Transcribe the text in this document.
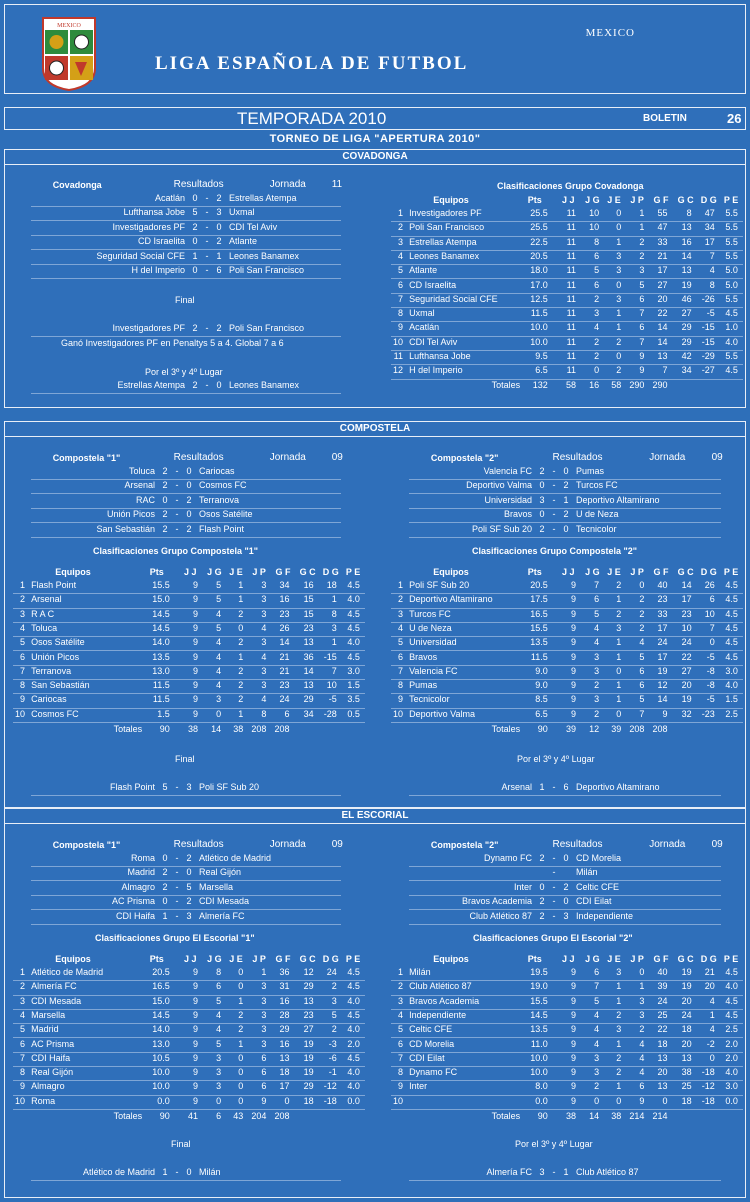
MEXICO
MEXICO
LIGA ESPAÑOLA DE FUTBOL
TEMPORADA 2010	BOLETIN	26
TORNEO DE LIGA "APERTURA 2010"
COVADONGA
Covadonga	Resultados	Jornada	11
Acatlán 0 - 2 Estrellas Atempa
Lufthansa Jobe 5 - 3 Uxmal
Investigadores PF 2 - 0 CDI Tel Aviv
CD Israelita 0 - 2 Atlante
Seguridad Social CFE 1 - 1 Leones Banamex
H del Imperio 0 - 6 Poli San Francisco
Final
Investigadores PF 2 - 2 Poli San Francisco
Ganó Investigadores PF en Penaltys 5 a 4. Global 7 a 6
Por el 3º y 4º Lugar
Estrellas Atempa 2 - 0 Leones Banamex
Clasificaciones Grupo Covadonga
Equipos	Pts J J J G J E J P G F G C D G P E
1 Investigadores PF	25.5 11 10 0 1 55 8 47 5.5
2 Poli San Francisco	25.5 11 10 0 1 47 13 34 5.5
3 Estrellas Atempa	22.5 11 8 1 2 33 16 17 5.5
4 Leones Banamex	20.5 11 6 3 2 21 14 7 5.5
5 Atlante	18.0 11 5 3 3 17 13 4 5.0
6 CD Israelita	17.0 11 6 0 5 27 19 8 5.0
7 Seguridad Social CFE	12.5 11 2 3 6 20 46 -26 5.5
8 Uxmal	11.5 11 3 1 7 22 27 -5 4.5
9 Acatlán	10.0 11 4 1 6 14 29 -15 1.0
10 CDI Tel Aviv	10.0 11 2 2 7 14 29 -15 4.0
11 Lufthansa Jobe	9.5 11 2 0 9 13 42 -29 5.5
12 H del Imperio	6.5 11 0 2 9 7 34 -27 4.5
Totales 132 58 16 58 290 290
COMPOSTELA
Compostela "1"	Resultados	Jornada	09
Toluca 2 - 0 Cariocas
Arsenal 2 - 0 Cosmos FC
RAC 0 - 2 Terranova
Unión Picos 2 - 0 Osos Satélite
San Sebastián 2 - 2 Flash Point
Compostela "2"	Resultados	Jornada	09
Valencia FC 2 - 0 Pumas
Deportivo Valma 0 - 2 Turcos FC
Universidad 3 - 1 Deportivo Altamirano
Bravos 0 - 2 U de Neza
Poli SF Sub 20 2 - 0 Tecnicolor
Clasificaciones Grupo Compostela "1"	Clasificaciones Grupo Compostela "2"
Equipos	Pts J J J G J E J P G F G C D G P E
1 Flash Point	15.5	9 5 1 3 34 16 18 4.5
2 Arsenal	15.0	9 5 1 3 16 15 1 4.0
3 R A C	14.5	9 4 2 3 23 15 8 4.5
4 Toluca	14.5	9 5 0 4 26 23 3 4.5
5 Osos Satélite	14.0	9 4 2 3 14 13 1 4.0
6 Unión Picos	13.5	9 4 1 4 21 36 -15 4.5
7 Terranova	13.0	9 4 2 3 21 14 7 3.0
8 San Sebastián	11.5	9 4 2 3 23 13 10 1.5
9 Cariocas	11.5	9 3 2 4 24 29 -5 3.5
10 Cosmos FC	1.5	9 0 1 8 6 34 -28 0.5
Equipos	Pts J J J G J E J P G F G C D G P E
1 Poli SF Sub 20	20.5	9 7 2 0 40 14 26 4.5
2 Deportivo Altamirano	17.5	9 6 1 2 23 17 6 4.5
3 Turcos FC	16.5	9 5 2 2 33 23 10 4.5
4 U de Neza	15.5	9 4 3 2 17 10 7 4.5
5 Universidad	13.5	9 4 1 4 24 24 0 4.5
6 Bravos	11.5	9 3 1 5 17 22 -5 4.5
7 Valencia FC	9.0	9 3 0 6 19 27 -8 3.0
8 Pumas	9.0	9 2 1 6 12 20 -8 4.0
9 Tecnicolor	8.5	9 3 1 5 14 19 -5 1.5
10 Deportivo Valma	6.5	9 2 0 7 9 32 -23 2.5
Totales 90 38 14 38 208 208	Totales 90 39 12 39 208 208
Final	Por el 3º y 4º Lugar
Flash Point 5 - 3 Poli SF Sub 20	Arsenal 1 - 6 Deportivo Altamirano
EL ESCORIAL
Compostela "1"	Resultados	Jornada	09
Roma 0 - 2 Atlético de Madrid
Madrid 2 - 0 Real Gijón
Almagro 2 - 5 Marsella
AC Prisma 0 - 2 CDI Mesada
CDI Haifa 1 - 3 Almería FC
Compostela "2"	Resultados	Jornada	09
Dynamo FC 2 - 0 CD Morelia
- Milán
Inter 0 - 2 Celtic CFE
Bravos Academia 2 - 0 CDI Eilat
Club Atlético 87 2 - 3 Independiente
Clasificaciones Grupo El Escorial "1"	Clasificaciones Grupo El Escorial "2"
Equipos	Pts J J J G J E J P G F G C D G P E
1 Atlético de Madrid	20.5	9 8 0 1 36 12 24 4.5
2 Almería FC	16.5	9 6 0 3 31 29 2 4.5
3 CDI Mesada	15.0	9 5 1 3 16 13 3 4.0
4 Marsella	14.5	9 4 2 3 28 23 5 4.5
5 Madrid	14.0	9 4 2 3 29 27 2 4.0
6 AC Prisma	13.0	9 5 1 3 16 19 -3 2.0
7 CDI Haifa	10.5	9 3 0 6 13 19 -6 4.5
8 Real Gijón	10.0	9 3 0 6 18 19 -1 4.0
9 Almagro	10.0	9 3 0 6 17 29 -12 4.0
10 Roma	0.0	9 0 0 9 0 18 -18 0.0
Equipos	Pts J J J G J E J P G F G C D G P E
1 Milán	19.5	9 6 3 0 40 19 21 4.5
2 Club Atlético 87	19.0	9 7 1 1 39 19 20 4.0
3 Bravos Academia	15.5	9 5 1 3 24 20 4 4.5
4 Independiente	14.5	9 4 2 3 25 24 1 4.5
5 Celtic CFE	13.5	9 4 3 2 22 18 4 2.5
6 CD Morelia	11.0	9 4 1 4 18 20 -2 2.0
7 CDI Eilat	10.0	9 3 2 4 13 13 0 2.0
8 Dynamo FC	10.0	9 3 2 4 20 38 -18 4.0
9 Inter	8.0	9 2 1 6 13 25 -12 3.0
10	0.0	9 0 0 9 0 18 -18 0.0
Totales 90 41 6 43 204 208	Totales 90 38 14 38 214 214
Final	Por el 3º y 4º Lugar
Atlético de Madrid 1 - 0 Milán	Almería FC 3 - 1 Club Atlético 87
